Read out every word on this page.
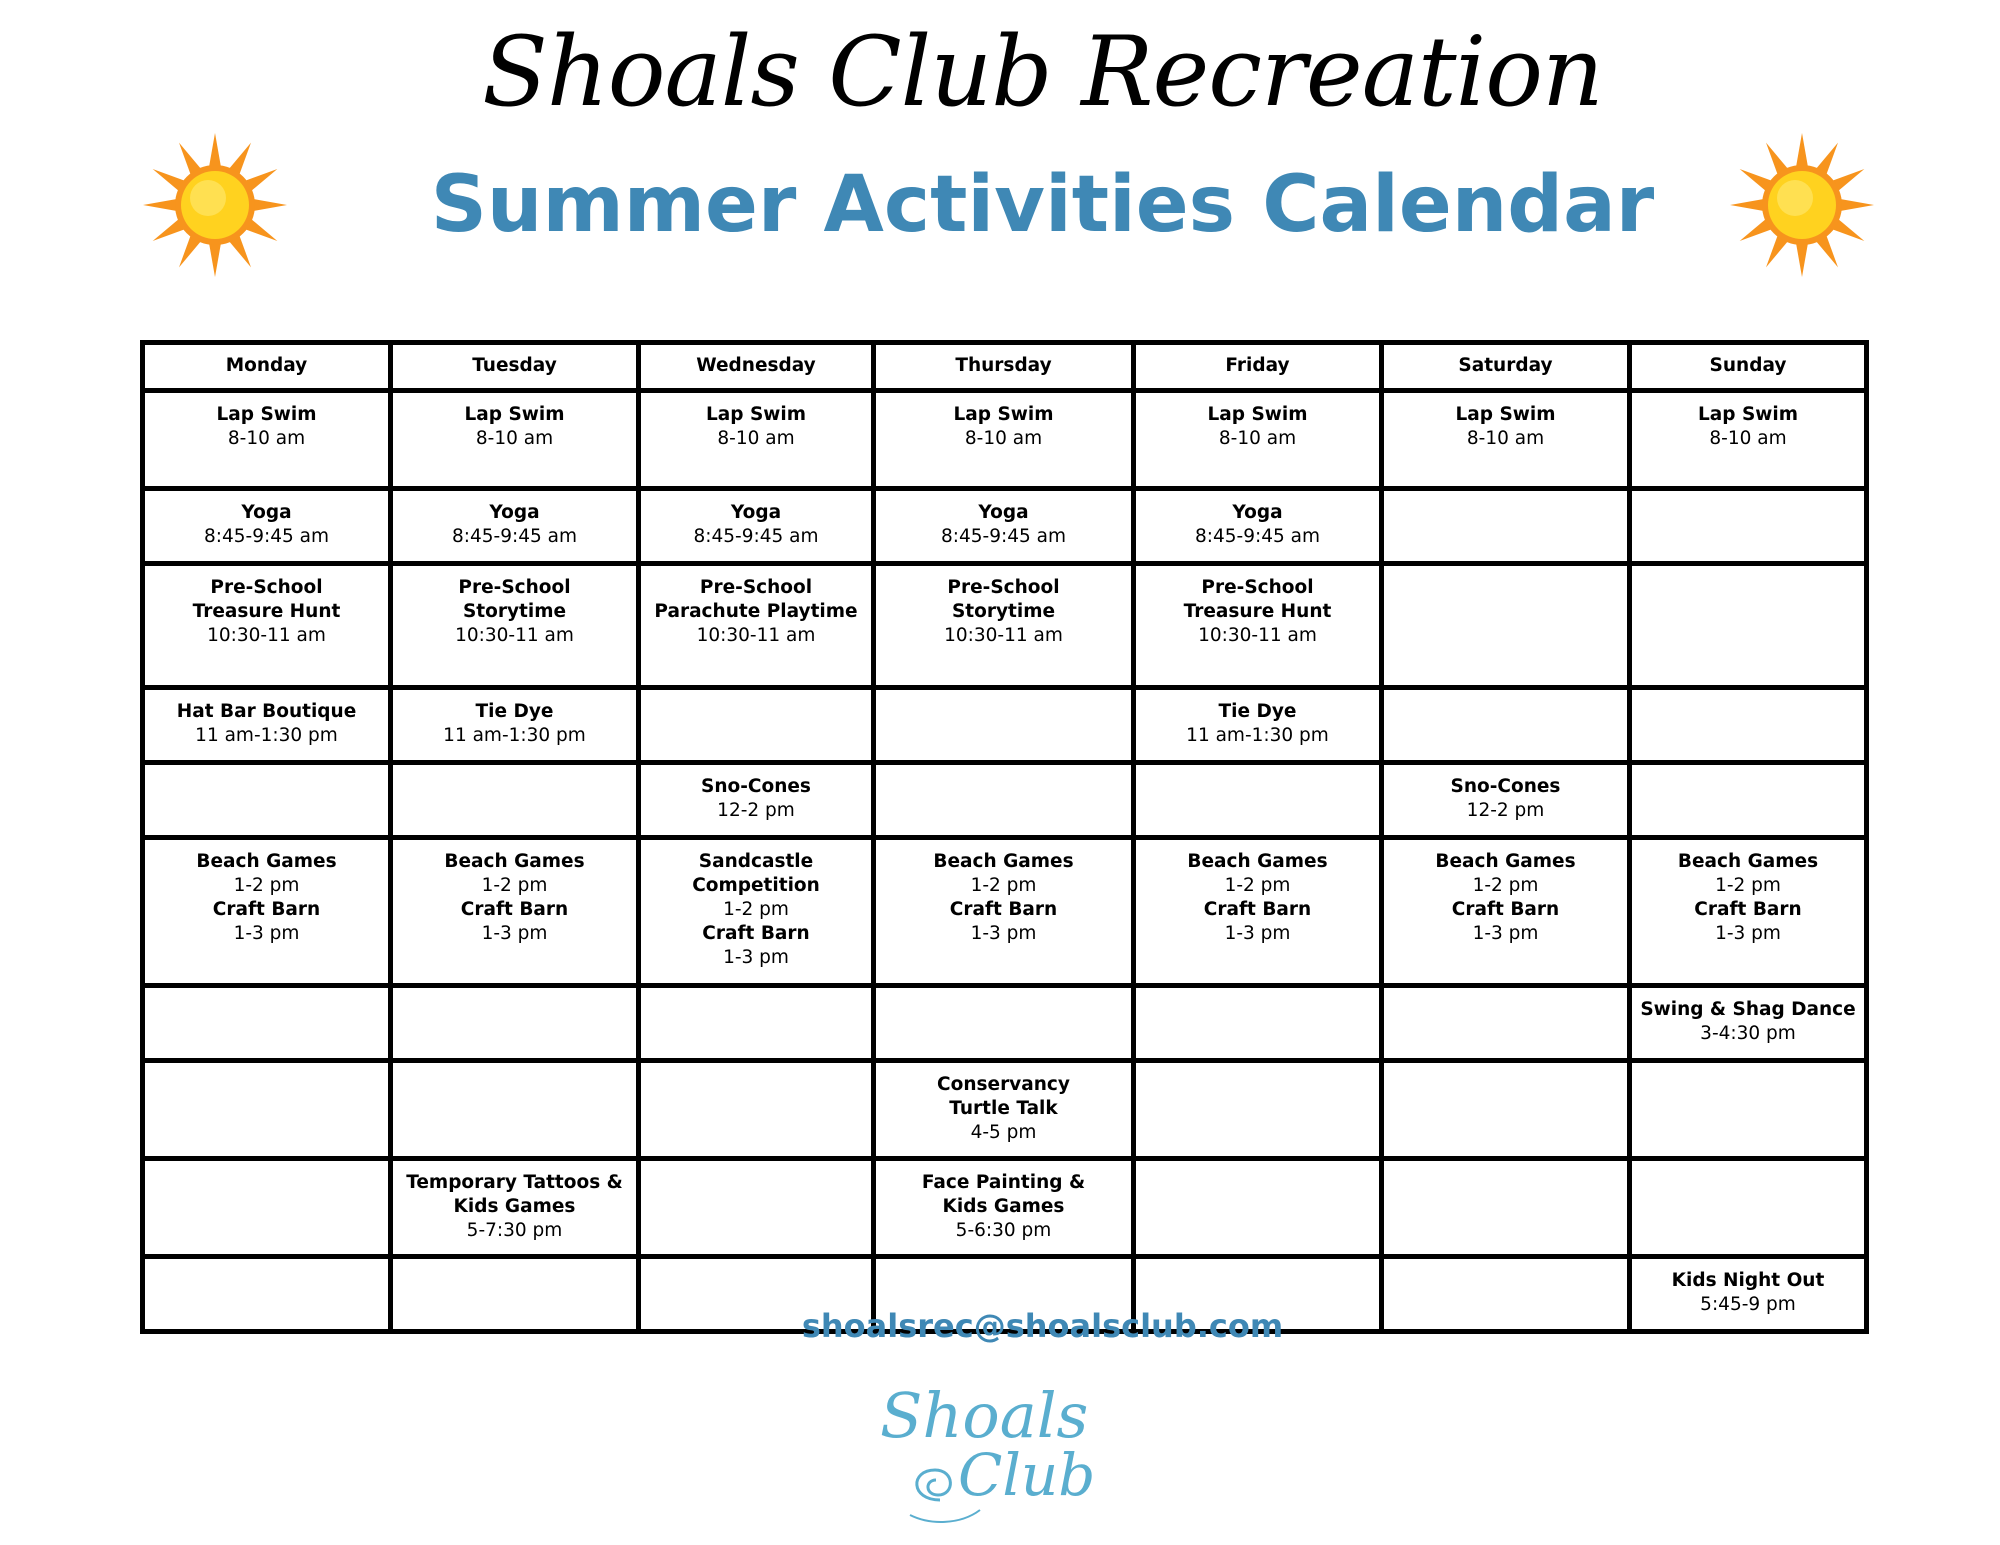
Shoals Club Recreation
Summer Activities Calendar
Monday	Tuesday	Wednesday	Thursday	Friday	Saturday	Sunday

Lap Swim
8-10 am	Lap Swim
8-10 am	Lap Swim
8-10 am	Lap Swim
8-10 am	Lap Swim
8-10 am	Lap Swim
8-10 am	Lap Swim
8-10 am

Yoga
8:45-9:45 am	Yoga
8:45-9:45 am	Yoga
8:45-9:45 am	Yoga
8:45-9:45 am	Yoga
8:45-9:45 am		

Pre-School
Treasure Hunt
10:30-11 am	Pre-School
Storytime
10:30-11 am	Pre-School
Parachute Playtime
10:30-11 am	Pre-School
Storytime
10:30-11 am	Pre-School
Treasure Hunt
10:30-11 am		

Hat Bar Boutique
11 am-1:30 pm	Tie Dye
11 am-1:30 pm			Tie Dye
11 am-1:30 pm		

		Sno-Cones
12-2 pm			Sno-Cones
12-2 pm	

Beach Games
1-2 pm
Craft Barn
1-3 pm	Beach Games
1-2 pm
Craft Barn
1-3 pm	Sandcastle
Competition
1-2 pm
Craft Barn
1-3 pm	Beach Games
1-2 pm
Craft Barn
1-3 pm	Beach Games
1-2 pm
Craft Barn
1-3 pm	Beach Games
1-2 pm
Craft Barn
1-3 pm	Beach Games
1-2 pm
Craft Barn
1-3 pm

						Swing & Shag Dance
3-4:30 pm

			Conservancy
Turtle Talk
4-5 pm			

	Temporary Tattoos &
Kids Games
5-7:30 pm		Face Painting &
Kids Games
5-6:30 pm			

						Kids Night Out
5:45-9 pm
shoalsrec@shoalsclub.com
Shoals
Club
